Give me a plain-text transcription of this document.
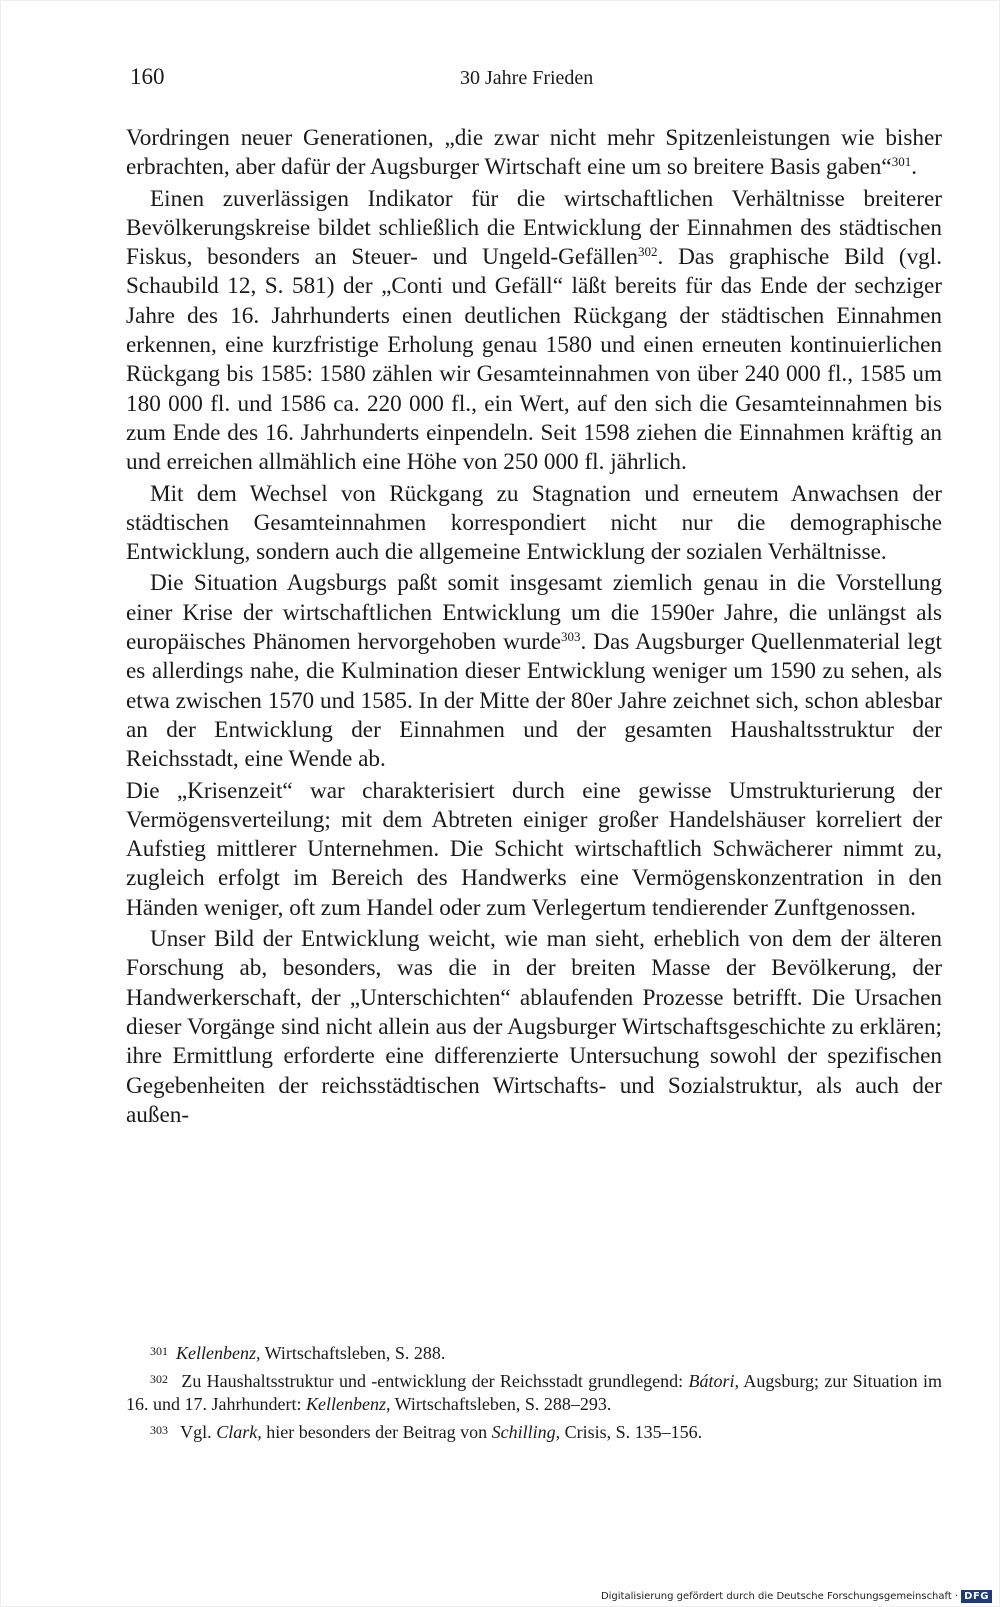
160	30 Jahre Frieden

Vordringen neuer Generationen, „die zwar nicht mehr Spitzenleistungen wie bisher erbrachten, aber dafür der Augsburger Wirtschaft eine um so breitere Basis gaben“$^{301}$.

Einen zuverlässigen Indikator für die wirtschaftlichen Verhältnisse breiterer Bevölkerungskreise bildet schließlich die Entwicklung der Einnahmen des städtischen Fiskus, besonders an Steuer- und Ungeld-Gefällen$^{302}$. Das graphische Bild (vgl. Schaubild 12, S. 581) der „Conti und Gefäll“ läßt bereits für das Ende der sechziger Jahre des 16. Jahrhunderts einen deutlichen Rückgang der städtischen Einnahmen erkennen, eine kurzfristige Erholung genau 1580 und einen erneuten kontinuierlichen Rückgang bis 1585: 1580 zählen wir Gesamteinnahmen von über 240 000 fl., 1585 um 180 000 fl. und 1586 ca. 220 000 fl., ein Wert, auf den sich die Gesamteinnahmen bis zum Ende des 16. Jahrhunderts einpendeln. Seit 1598 ziehen die Einnahmen kräftig an und erreichen allmählich eine Höhe von 250 000 fl. jährlich.

Mit dem Wechsel von Rückgang zu Stagnation und erneutem Anwachsen der städtischen Gesamteinnahmen korrespondiert nicht nur die demographische Entwicklung, sondern auch die allgemeine Entwicklung der sozialen Verhältnisse.

Die Situation Augsburgs paßt somit insgesamt ziemlich genau in die Vorstellung einer Krise der wirtschaftlichen Entwicklung um die 1590er Jahre, die unlängst als europäisches Phänomen hervorgehoben wurde$^{303}$. Das Augsburger Quellenmaterial legt es allerdings nahe, die Kulmination dieser Entwicklung weniger um 1590 zu sehen, als etwa zwischen 1570 und 1585. In der Mitte der 80er Jahre zeichnet sich, schon ablesbar an der Entwicklung der Einnahmen und der gesamten Haushaltsstruktur der Reichsstadt, eine Wende ab.

Die „Krisenzeit“ war charakterisiert durch eine gewisse Umstrukturierung der Vermögensverteilung; mit dem Abtreten einiger großer Handelshäuser korreliert der Aufstieg mittlerer Unternehmen. Die Schicht wirtschaftlich Schwächerer nimmt zu, zugleich erfolgt im Bereich des Handwerks eine Vermögenskonzentration in den Händen weniger, oft zum Handel oder zum Verlegertum tendierender Zunftgenossen.

Unser Bild der Entwicklung weicht, wie man sieht, erheblich von dem der älteren Forschung ab, besonders, was die in der breiten Masse der Bevölkerung, der Handwerkerschaft, der „Unterschichten“ ablaufenden Prozesse betrifft. Die Ursachen dieser Vorgänge sind nicht allein aus der Augsburger Wirtschaftsgeschichte zu erklären; ihre Ermittlung erforderte eine differenzierte Untersuchung sowohl der spezifischen Gegebenheiten der reichsstädtischen Wirtschafts- und Sozialstruktur, als auch der außen-

$^{301}$ Kellenbenz, Wirtschaftsleben, S. 288.

$^{302}$ Zu Haushaltsstruktur und -entwicklung der Reichsstadt grundlegend: Bátori, Augsburg; zur Situation im 16. und 17. Jahrhundert: Kellenbenz, Wirtschaftsleben, S. 288–293.

$^{303}$ Vgl. Clark, hier besonders der Beitrag von Schilling, Crisis, S. 135–156.

Digitalisierung gefördert durch die Deutsche Forschungsgemeinschaft · DFG
